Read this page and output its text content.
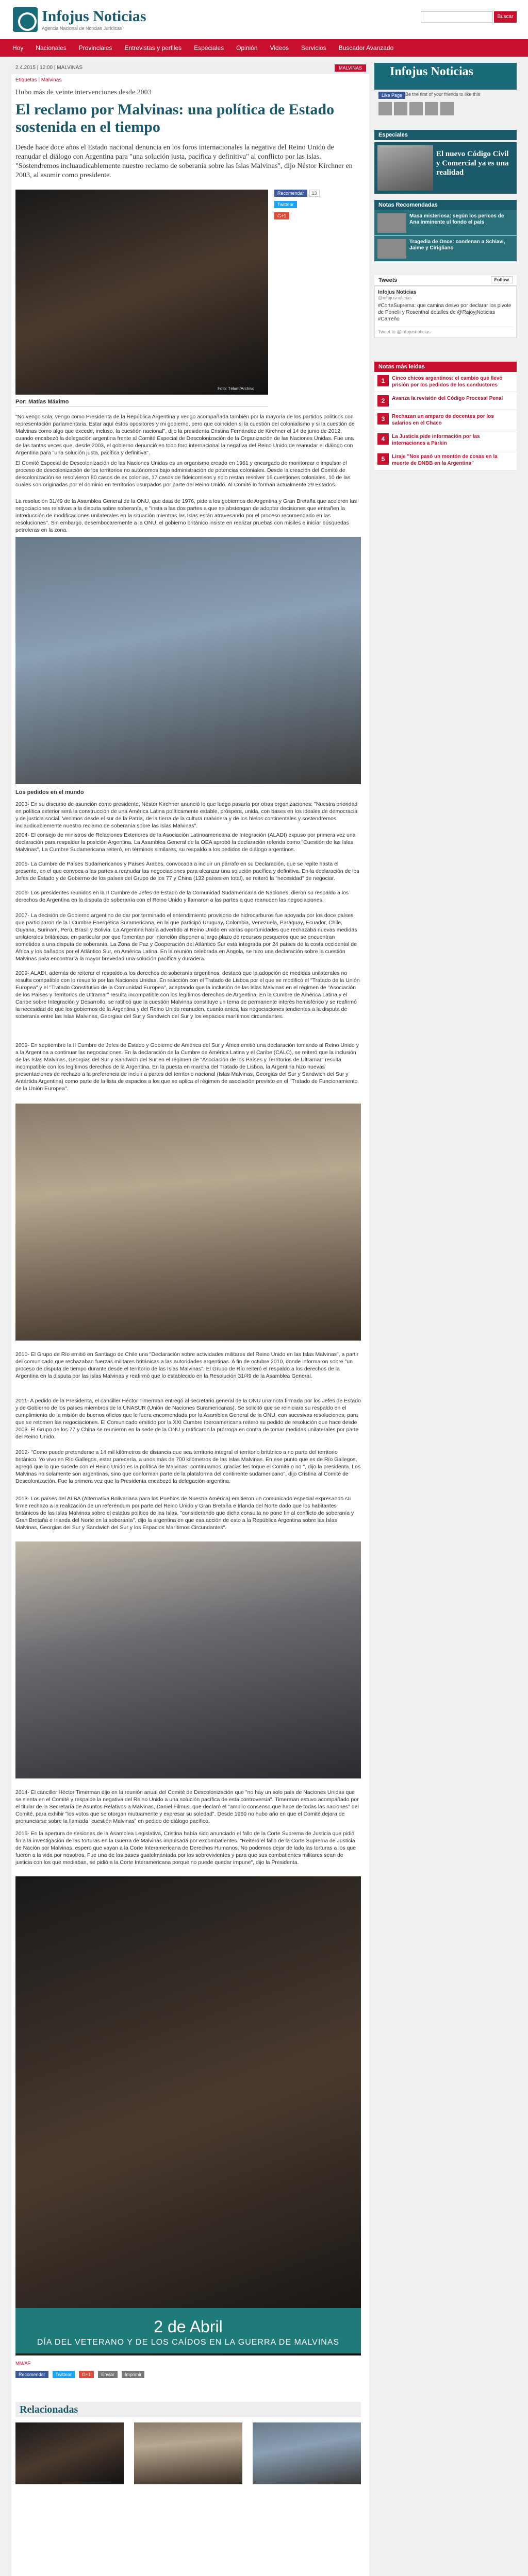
Infojus Noticias
Agencia Nacional de Noticias Jurídicas
Buscar
Hoy	Nacionales	Provinciales	Entrevistas y perfiles	Especiales	Opinión	Videos	Servicios	Buscador Avanzado
2.4.2015 | 12:00 | MALVINAS	MALVINAS
Etiquetas | Malvinas
Hubo más de veinte intervenciones desde 2003
El reclamo por Malvinas: una política de Estado sostenida en el tiempo
Desde hace doce años el Estado nacional denuncia en los foros internacionales la negativa del Reino Unido de reanudar el diálogo con Argentina para "una solución justa, pacífica y definitiva" al conflicto por las islas. "Sostendremos incluaudicablemente nuestro reclamo de soberanía sobre las Islas Malvinas", dijo Néstor Kirchner en 2003, al asumir como presidente.
Foto: Télam/Archivo
Recomendar	13
Twittear
G+1
Por: Matías Máximo
"No vengo sola, vengo como Presidenta de la República Argentina y vengo acompañada también por la mayoría de los partidos políticos con representación parlamentaria. Estar aquí éstos opositores y mi gobierno, pero que coinciden si la cuestión del colonialismo y si la cuestión de Malvinas como algo que excede, incluso, la cuestión nacional", dijo la presidenta Cristina Fernández de Kirchner el 14 de junio de 2012, cuando encabezó la delegación argentina frente al Comité Especial de Descolonización de la Organización de las Naciones Unidas. Fue una de las tantas veces que, desde 2003, el gobierno denunció en todo foro internacional la negativa del Reino Unido de reanudar el diálogo con Argentina para "una solución justa, pacífica y definitiva".
El Comité Especial de Descolonización de las Naciones Unidas es un organismo creado en 1961 y encargado de monitorear e impulsar el proceso de descolonización de los territorios no autónomos bajo administración de potencias coloniales. Desde la creación del Comité de descolonización se resolvieron 80 casos de ex colonias, 17 casos de fideicomisos y solo restan resolver 16 cuestiones coloniales, 10 de las cuales son originadas por el dominio en territorios usurpados por parte del Reino Unido. Al Comité lo forman actualmente 29 Estados.
La resolución 31/49 de la Asamblea General de la ONU, que data de 1976, pide a los gobiernos de Argentina y Gran Bretaña que aceleren las negociaciones relativas a la disputa sobre soberanía, e "insta a las dos partes a que se abstengan de adoptar decisiones que entrañen la introducción de modificaciones unilaterales en la situación mientras las Islas están atravesando por el proceso recomendado en las resoluciones". Sin embargo, desembocaremente a la ONU, el gobierno británico insiste en realizar pruebas con misiles e iniciar búsquedas petroleras en la zona.
Los pedidos en el mundo
2003- En su discurso de asunción como presidente, Néstor Kirchner anunció lo que luego pasaría por otras organizaciones: "Nuestra prioridad en política exterior será la construcción de una América Latina políticamente estable, próspera, unida, con bases en los ideales de democracia y de justicia social. Venimos desde el sur de la Patria, de la tierra de la cultura malvinera y de los hielos continentales y sostendremos inclaudicablemente nuestro reclamo de soberanía sobre las Islas Malvinas".
2004- El consejo de ministros de Relaciones Exteriores de la Asociación Latinoamericana de Integración (ALADI) expuso por primera vez una declaración para respaldar la posición Argentina. La Asamblea General de la OEA aprobó la declaración referida como "Cuestión de las Islas Malvinas". La Cumbre Sudamericana reiteró, en términos similares, su respaldo a los pedidos de diálogo argentinos.
2005- La Cumbre de Países Sudamericanos y Países Árabes, convocada a incluir un párrafo en su Declaración, que se repite hasta el presente, en el que convoca a las partes a reanudar las negociaciones para alcanzar una solución pacífica y definitiva. En la declaración de los Jefes de Estado y de Gobierno de los países del Grupo de los 77 y China (132 países en total), se reiteró la "necesidad" de negociar.
2006- Los presidentes reunidos en la II Cumbre de Jefes de Estado de la Comunidad Sudamericana de Naciones, dieron su respaldo a los derechos de Argentina en la disputa de soberanía con el Reino Unido y llamaron a las partes a que reanuden las negociaciones.
2007- La decisión de Gobierno argentino de dar por terminado el entendimiento provisorio de hidrocarburos fue apoyada por los doce países que participaron de la I Cumbre Energética Suramericana, en la que participó Uruguay, Colombia, Venezuela, Paraguay, Ecuador, Chile, Guyana, Surinam, Perú, Brasil y Bolivia. La Argentina había advertido al Reino Unido en varias oportunidades que rechazaba nuevas medidas unilaterales británicas, en particular por que fomentan por intención disponer a largo plazo de recursos pesqueros que se encuentran sometidos a una disputa de soberanía. La Zona de Paz y Cooperación del Atlántico Sur está integrada por 24 países de la costa occidental de África y los bañados por el Atlántico Sur, en América Latina. En la reunión celebrada en Angola, se hizo una declaración sobre la cuestión Malvinas para encontrar a la mayor brevedad una solución pacífica y duradera.
2009- ALADI, además de reiterar el respaldo a los derechos de soberanía argentinos, destacó que la adopción de medidas unilaterales no resulta compatible con lo resuelto por las Naciones Unidas. En reacción con el Tratado de Lisboa por el que se modificó el "Tratado de la Unión Europea" y el "Tratado Constitutivo de la Comunidad Europea", aceptando que la inclusión de las Islas Malvinas en el régimen de "Asociación de los Países y Territorios de Ultramar" resulta incompatible con los legítimos derechos de Argentina. En la Cumbre de América Latina y el Caribe sobre Integración y Desarrollo, se ratificó que la cuestión Malvinas constituye un tema de permanente interés hemisférico y se reafirmó la necesidad de que los gobiernos de la Argentina y del Reino Unido reanuden, cuanto antes, las negociaciones tendientes a la disputa de soberanía entre las Islas Malvinas, Georgias del Sur y Sandwich del Sur y los espacios marítimos circundantes.
2009- En septiembre la II Cumbre de Jefes de Estado y Gobierno de América del Sur y África emitió una declaración tomando al Reino Unido y a la Argentina a continuar las negociaciones. En la declaración de la Cumbre de América Latina y el Caribe (CALC), se reiteró que la inclusión de las Islas Malvinas, Georgias del Sur y Sandwich del Sur en el régimen de "Asociación de los Países y Territorios de Ultramar" resulta incompatible con los legítimos derechos de la Argentina. En la puesta en marcha del Tratado de Lisboa, la Argentina hizo nuevas presentaciones de rechazo a la preferencia de incluir a partes del territorio nacional (Islas Malvinas, Georgias del Sur y Sandwich del Sur y Antártida Argentina) como parte de la lista de espacios a los que se aplica el régimen de asociación previsto en el "Tratado de Funcionamiento de la Unión Europea".
2010- El Grupo de Río emitió en Santiago de Chile una "Declaración sobre actividades militares del Reino Unido en las Islas Malvinas", a partir del comunicado que rechazaban fuerzas militares británicas a las autoridades argentinas. A fin de octubre 2010, donde informaron sobre "un proceso de disputa de tiempo durante desde el territorio de las Islas Malvinas". El Grupo de Río reiteró el respaldo a los derechos de la Argentina en la disputa por las Islas Malvinas y reafirmó que lo establecido en la Resolución 31/49 de la Asamblea General.
2011- A pedido de la Presidenta, el canciller Héctor Timerman entregó al secretario general de la ONU una nota firmada por los Jefes de Estado y de Gobierno de los países miembros de la UNASUR (Unión de Naciones Suramericanas). Se solicitó que se reiniciara su respaldo en el cumplimiento de la misión de buenos oficios que le fuera encomendada por la Asamblea General de la ONU, con sucesivas resoluciones, para que se retomen las negociaciones. El Comunicado emitido por la XXI Cumbre Iberoamericana reiteró su pedido de resolución que hace desde 2003. El Grupo de los 77 y China se reunieron en la sede de la ONU y ratificaron la prórroga en contra de tomar medidas unilaterales por parte del Reino Unido.
2012- "Como puede pretenderse a 14 mil kilómetros de distancia que sea territorio integral el territorio británico a no parte del territorio británico. Yo vivo en Río Gallegos, estar parecería, a unos más de 700 kilómetros de las Islas Malvinas. En ese punto que es de Río Gallegos, agregó que lo que sucede con el Reino Unido es la política de Malvinas: continuamos, gracias les toque el Comité o no ", dijo la presidenta. Los Malvinas no solamente son argentinas, sino que conforman parte de la plataforma del continente sudamericano", dijo Cristina al Comité de Descolonización. Fue la primera vez que la Presidenta encabezó la delegación argentina.
2013- Los países del ALBA (Alternativa Bolivariana para los Pueblos de Nuestra América) emitieron un comunicado especial expresando su firme rechazo a la realización de un referéndum por parte del Reino Unido y Gran Bretaña e Irlanda del Norte dado que los habitantes británicos de las Islas Malvinas sobre el estatus político de las Islas, "considerando que dicha consulta no pone fin al conflicto de soberanía y Gran Bretaña e Irlanda del Norte en la soberanía", dijo la argentina en que esa acción de esto a la República Argentina sobre las Islas Malvinas, Georgias del Sur y Sandwich del Sur y los Espacios Marítimos Circundantes".
2014- El canciller Héctor Timerman dijo en la reunión anual del Comité de Descolonización que "no hay un solo país de Naciones Unidas que se sienta en el Comité y respalde la negativa del Reino Unido a una solución pacífica de esta controversia". Timerman estuvo acompañado por el titular de la Secretaría de Asuntos Relativos a Malvinas, Daniel Filmus, que declaró el "amplio consenso que hace de todas las naciones" del Comité, para exhibir "los votos que se otorgan mutuamente y expresar su soledad". Desde 1960 no hubo año en que el Comité dejara de pronunciarse sobre la llamada "cuestión Malvinas" en pedido de diálogo pacífico.
2015- En la apertura de sesiones de la Asamblea Legislativa, Cristina había sido anunciado el fallo de la Corte Suprema de Justicia que pidió fin a la investigación de las torturas en la Guerra de Malvinas impulsada por excombatientes. "Reiteró el fallo de la Corte Suprema de Justicia de Nación por Malvinas, espero que vayan a la Corte Interamericana de Derechos Humanos. No podemos dejar de lado las torturas a los que fueron a la vida por nosotros. Fue una de las bases guatelmántada por los sobrevivientes y para que sus combatientes militares sean de justicia con los que mediaban, se pidió a la Corte Interamericana porque no puede quedar impune", dijo la Presidenta.
2 de Abril
DÍA DEL VETERANO Y DE LOS CAÍDOS EN LA GUERRA DE MALVINAS
MM/AF
Recomendar	Twittear	G+1	Enviar	Imprimir
Relacionadas
Infojus Noticias
Like Page Be the first of your friends to like this
Especiales
El nuevo Código Civil y Comercial ya es una realidad
Notas Recomendadas
Masa misteriosa: según los pericos de Ana inminente ul fondo el país
Tragedia de Once: condenan a Schiavi, Jaime y Cirigliano
Tweets	Follow
Infojus Noticias
@infojusnoticias
#CorteSuprema: que camina desvo por declarar los pivote de Ponelli y Rosenthal detalles de @RajoyjNoticias #Carreño
Tweet to @infojusnoticias
Notas más leídas
1	Cinco chicos argentinos: el cambio que llevó prisión por los pedidos de los conductores
2	Avanza la revisión del Código Procesal Penal
3	Rechazan un amparo de docentes por los salarios en el Chaco
4	La Justicia pide información por las internaciones a Parkin
5	Liraje "Nos pasó un montón de cosas en la muerte de DNBB en la Argentina"
